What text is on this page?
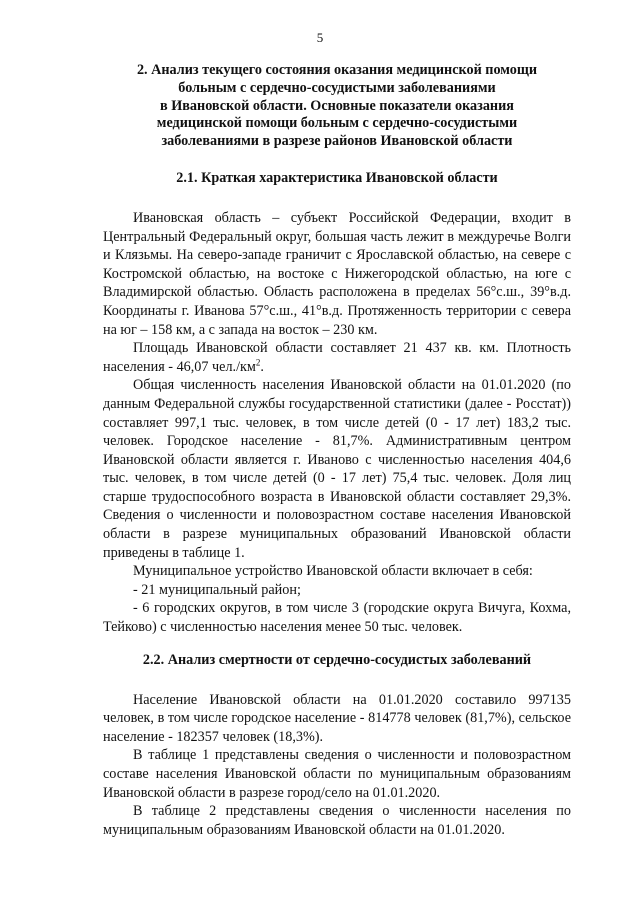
5
2. Анализ текущего состояния оказания медицинской помощи
больным с сердечно-сосудистыми заболеваниями
в Ивановской области. Основные показатели оказания
медицинской помощи больным с сердечно-сосудистыми
заболеваниями в разрезе районов Ивановской области
2.1. Краткая характеристика Ивановской области

Ивановская область – субъект Российской Федерации, входит в Центральный Федеральный округ, большая часть лежит в междуречье Волги и Клязьмы. На северо-западе граничит с Ярославской областью, на севере с Костромской областью, на востоке с Нижегородской областью, на юге с Владимирской областью. Область расположена в пределах 56°с.ш., 39°в.д. Координаты г. Иванова 57°с.ш., 41°в.д. Протяженность территории с севера на юг – 158 км, а с запада на восток – 230 км.

Площадь Ивановской области составляет 21 437 кв. км. Плотность населения - 46,07 $чел./км^2$.

Общая численность населения Ивановской области на 01.01.2020 (по данным Федеральной службы государственной статистики (далее - Росстат)) составляет 997,1 тыс. человек, в том числе детей (0 - 17 лет) 183,2 тыс. человек. Городское население - 81,7%. Административным центром Ивановской области является г. Иваново с численностью населения 404,6 тыс. человек, в том числе детей (0 - 17 лет) 75,4 тыс. человек. Доля лиц старше трудоспособного возраста в Ивановской области составляет 29,3%. Сведения о численности и половозрастном составе населения Ивановской области в разрезе муниципальных образований Ивановской области приведены в таблице 1.

Муниципальное устройство Ивановской области включает в себя:

- 21 муниципальный район;

- 6 городских округов, в том числе 3 (городские округа Вичуга, Кохма, Тейково) с численностью населения менее 50 тыс. человек.

2.2. Анализ смертности от сердечно-сосудистых заболеваний

Население Ивановской области на 01.01.2020 составило 997135 человек, в том числе городское население - 814778 человек (81,7%), сельское население - 182357 человек (18,3%).

В таблице 1 представлены сведения о численности и половозрастном составе населения Ивановской области по муниципальным образованиям Ивановской области в разрезе город/село на 01.01.2020.

В таблице 2 представлены сведения о численности населения по муниципальным образованиям Ивановской области на 01.01.2020.
